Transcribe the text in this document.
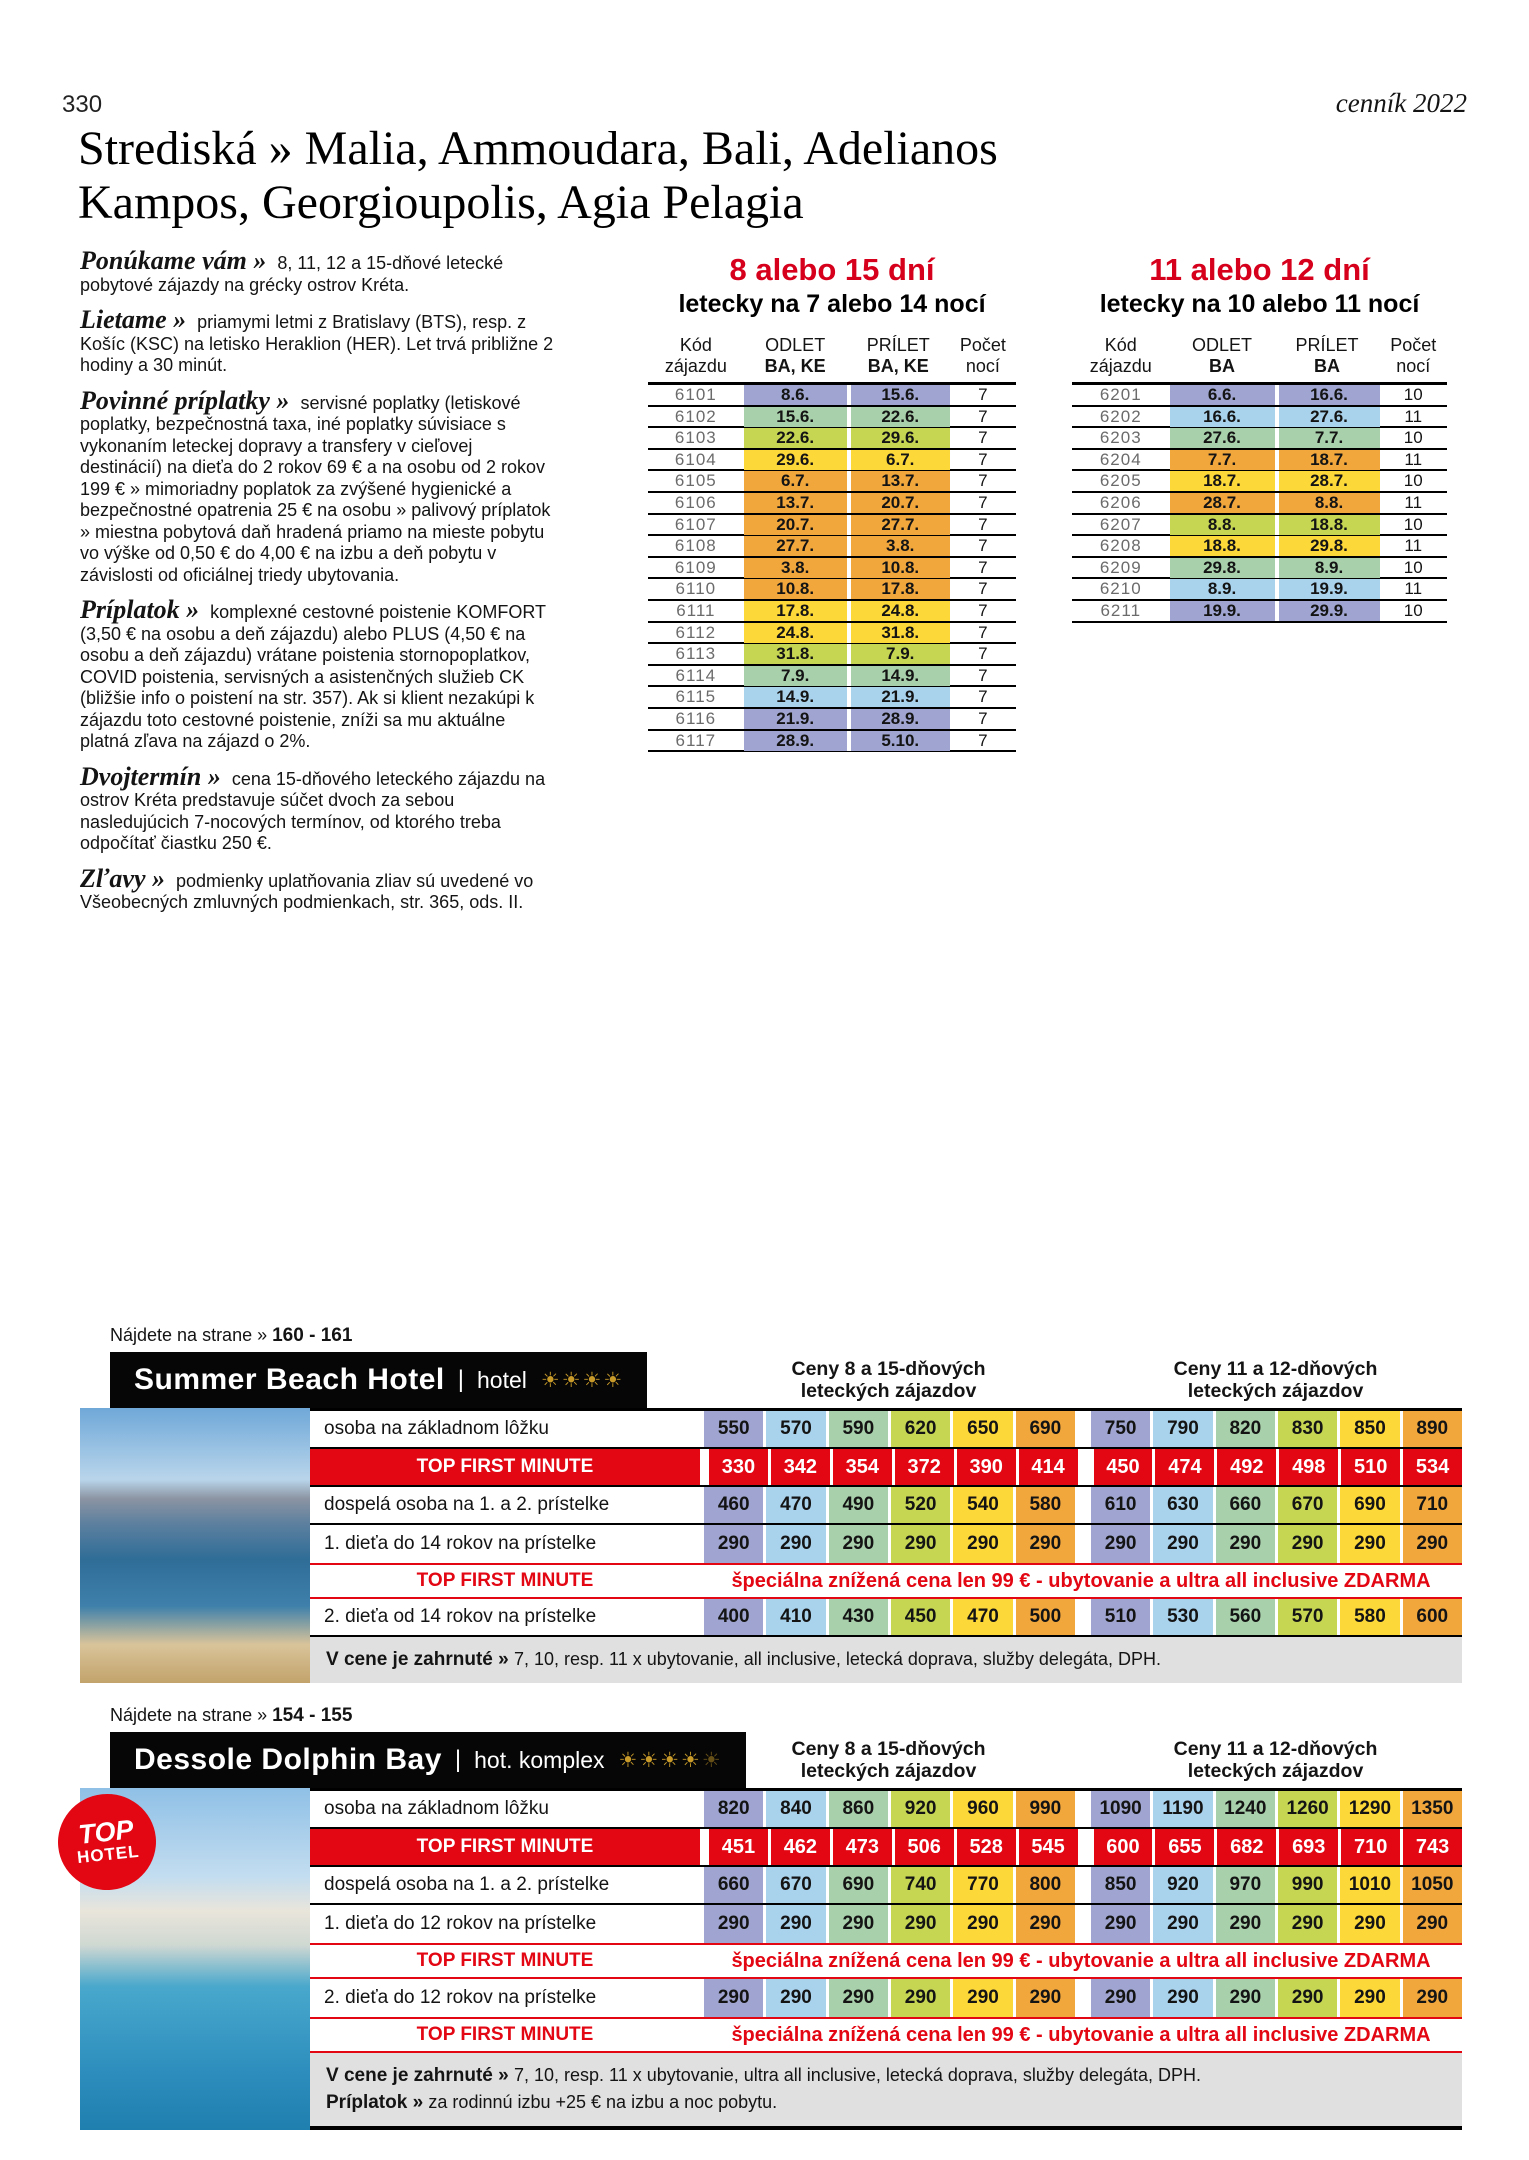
330	cenník 2022
Strediská » Malia, Ammoudara, Bali, Adelianos
Kampos, Georgioupolis, Agia Pelagia
Ponúkame vám » 8, 11, 12 a 15-dňové letecké pobytové zájazdy na grécky ostrov Kréta.
Lietame » priamymi letmi z Bratislavy (BTS), resp. z Košíc (KSC) na letisko Heraklion (HER). Let trvá približne 2 hodiny a 30 minút.
Povinné príplatky » servisné poplatky (letiskové poplatky, bezpečnostná taxa, iné poplatky súvisiace s vykonaním leteckej dopravy a transfery v cieľovej destinácií) na dieťa do 2 rokov 69 € a na osobu od 2 rokov 199 € » mimoriadny poplatok za zvýšené hygienické a bezpečnostné opatrenia 25 € na osobu » palivový príplatok » miestna pobytová daň hradená priamo na mieste pobytu vo výške od 0,50 € do 4,00 € na izbu a deň pobytu v závislosti od oficiálnej triedy ubytovania.
Príplatok » komplexné cestovné poistenie KOMFORT (3,50 € na osobu a deň zájazdu) alebo PLUS (4,50 € na osobu a deň zájazdu) vrátane poistenia stornopoplatkov, COVID poistenia, servisných a asistenčných služieb CK (bližšie info o poistení na str. 357). Ak si klient nezakúpi k zájazdu toto cestovné poistenie, zníži sa mu aktuálne platná zľava na zájazd o 2%.
Dvojtermín » cena 15-dňového leteckého zájazdu na ostrov Kréta predstavuje súčet dvoch za sebou nasledujúcich 7-nocových termínov, od ktorého treba odpočítať čiastku 250 €.
Zľavy » podmienky uplatňovania zliav sú uvedené vo Všeobecných zmluvných podmienkach, str. 365, ods. II.
8 alebo 15 dní
letecky na 7 alebo 14 nocí
Kód
zájazdu
ODLET
BA, KE
PRÍLET
BA, KE
Počet
nocí
6101	8.6.	15.6.	7
6102	15.6.	22.6.	7
6103	22.6.	29.6.	7
6104	29.6.	6.7.	7
6105	6.7.	13.7.	7
6106	13.7.	20.7.	7
6107	20.7.	27.7.	7
6108	27.7.	3.8.	7
6109	3.8.	10.8.	7
6110	10.8.	17.8.	7
6111	17.8.	24.8.	7
6112	24.8.	31.8.	7
6113	31.8.	7.9.	7
6114	7.9.	14.9.	7
6115	14.9.	21.9.	7
6116	21.9.	28.9.	7
6117	28.9.	5.10.	7
11 alebo 12 dní
letecky na 10 alebo 11 nocí
Kód
zájazdu
ODLET
BA
PRÍLET
BA
Počet
nocí
6201	6.6.	16.6.	10
6202	16.6.	27.6.	11
6203	27.6.	7.7.	10
6204	7.7.	18.7.	11
6205	18.7.	28.7.	10
6206	28.7.	8.8.	11
6207	8.8.	18.8.	10
6208	18.8.	29.8.	11
6209	29.8.	8.9.	10
6210	8.9.	19.9.	11
6211	19.9.	29.9.	10
Nájdete na strane » 160 - 161
Summer Beach Hotel | hotel ☀☀☀☀	Ceny 8 a 15-dňových
leteckých zájazdov
Ceny 11 a 12-dňových
leteckých zájazdov
osoba na základnom lôžku	550	570	590	620	650	690	750	790	820	830	850	890
TOP FIRST MINUTE	330	342	354	372	390	414	450	474	492	498	510	534
dospelá osoba na 1. a 2. prístelke	460	470	490	520	540	580	610	630	660	670	690	710
1. dieťa do 14 rokov na prístelke	290	290	290	290	290	290	290	290	290	290	290	290
TOP FIRST MINUTE	špeciálna znížená cena len 99 € - ubytovanie a ultra all inclusive ZDARMA
2. dieťa od 14 rokov na prístelke	400	410	430	450	470	500	510	530	560	570	580	600
V cene je zahrnuté » 7, 10, resp. 11 x ubytovanie, all inclusive, letecká doprava, služby delegáta, DPH.
Nájdete na strane » 154 - 155
Dessole Dolphin Bay | hot. komplex ☀☀☀☀☀	Ceny 8 a 15-dňových
leteckých zájazdov
Ceny 11 a 12-dňových
leteckých zájazdov
TOP
HOTEL
osoba na základnom lôžku	820	840	860	920	960	990	1090	1190	1240	1260	1290	1350
TOP FIRST MINUTE	451	462	473	506	528	545	600	655	682	693	710	743
dospelá osoba na 1. a 2. prístelke	660	670	690	740	770	800	850	920	970	990	1010	1050
1. dieťa do 12 rokov na prístelke	290	290	290	290	290	290	290	290	290	290	290	290
TOP FIRST MINUTE	špeciálna znížená cena len 99 € - ubytovanie a ultra all inclusive ZDARMA
2. dieťa do 12 rokov na prístelke	290	290	290	290	290	290	290	290	290	290	290	290
TOP FIRST MINUTE	špeciálna znížená cena len 99 € - ubytovanie a ultra all inclusive ZDARMA
V cene je zahrnuté » 7, 10, resp. 11 x ubytovanie, ultra all inclusive, letecká doprava, služby delegáta, DPH.
Príplatok » za rodinnú izbu +25 € na izbu a noc pobytu.
